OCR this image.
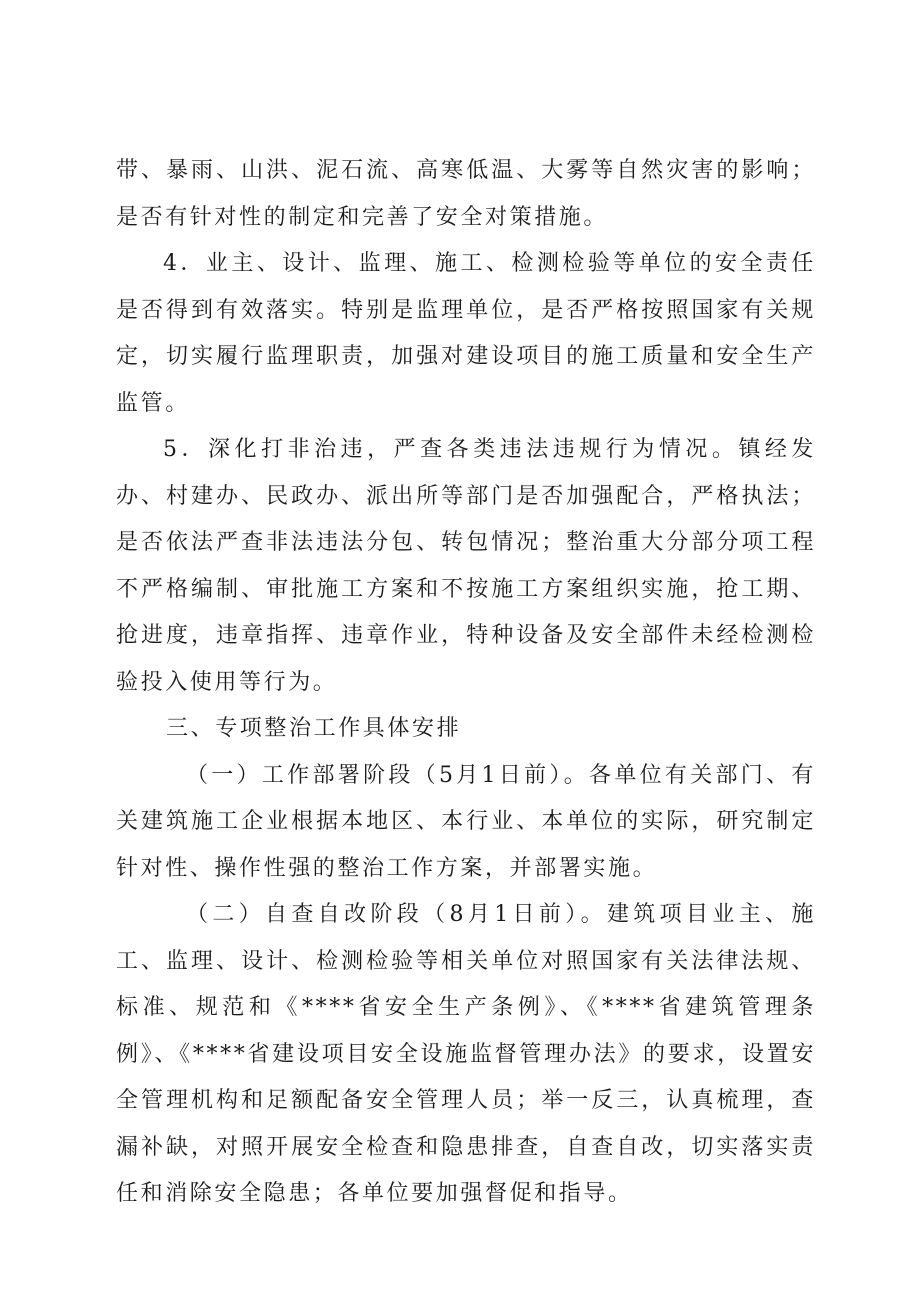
带、暴雨、山洪、泥石流、高寒低温、大雾等自然灾害的影响；是否有针对性的制定和完善了安全对策措施。

4．业主、设计、监理、施工、检测检验等单位的安全责任是否得到有效落实。特别是监理单位，是否严格按照国家有关规定，切实履行监理职责，加强对建设项目的施工质量和安全生产监管。

5．深化打非治违，严查各类违法违规行为情况。镇经发办、村建办、民政办、派出所等部门是否加强配合，严格执法；是否依法严查非法违法分包、转包情况；整治重大分部分项工程不严格编制、审批施工方案和不按施工方案组织实施，抢工期、抢进度，违章指挥、违章作业，特种设备及安全部件未经检测检验投入使用等行为。

三、专项整治工作具体安排

（一）工作部署阶段（5月1日前）。各单位有关部门、有关建筑施工企业根据本地区、本行业、本单位的实际，研究制定针对性、操作性强的整治工作方案，并部署实施。

（二）自查自改阶段（8月1日前）。建筑项目业主、施工、监理、设计、检测检验等相关单位对照国家有关法律法规、标准、规范和《****省安全生产条例》、《****省建筑管理条例》、《****省建设项目安全设施监督管理办法》的要求，设置安全管理机构和足额配备安全管理人员；举一反三，认真梳理，查漏补缺，对照开展安全检查和隐患排查，自查自改，切实落实责任和消除安全隐患；各单位要加强督促和指导。
